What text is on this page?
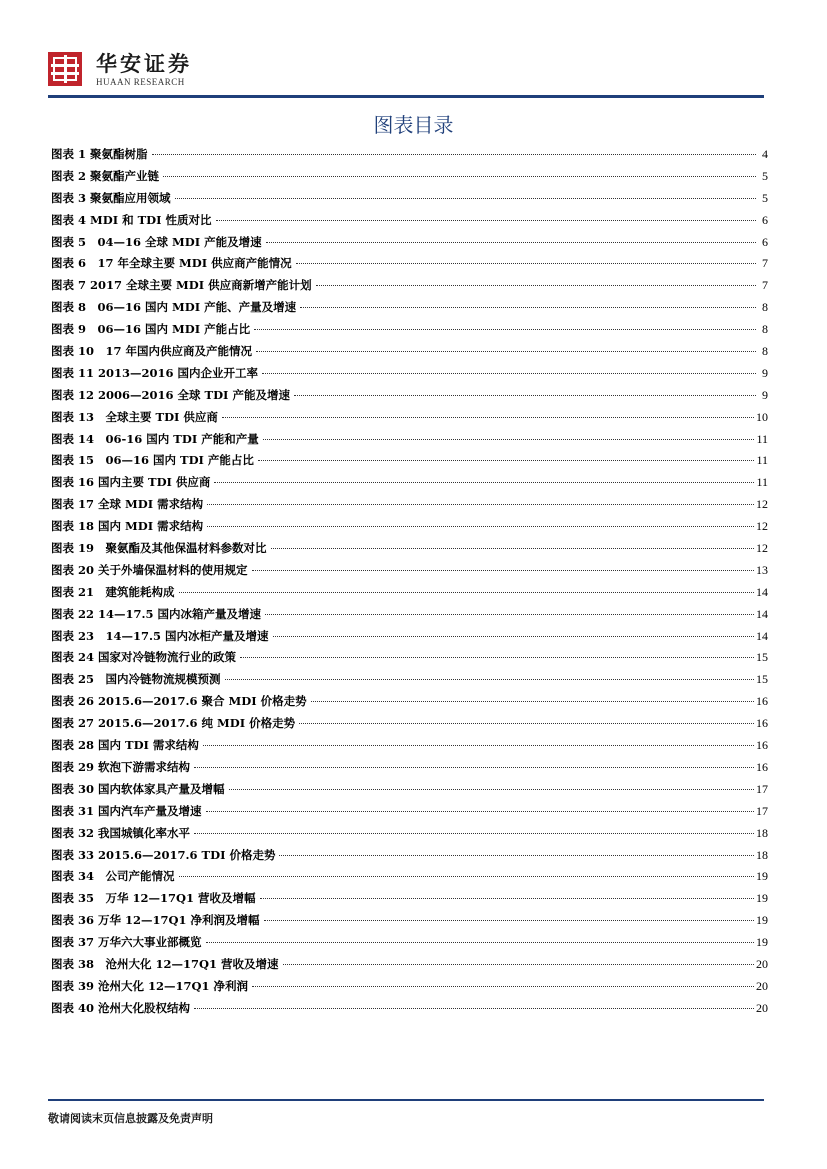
华安证券
HUAAN RESEARCH
图表目录
图表 1 聚氨酯树脂	4
图表 2 聚氨酯产业链	5
图表 3 聚氨酯应用领域	5
图表 4 MDI 和 TDI 性质对比	6
图表 5　04—16 全球 MDI 产能及增速	6
图表 6　17 年全球主要 MDI 供应商产能情况	7
图表 7 2017 全球主要 MDI 供应商新增产能计划	7
图表 8　06—16 国内 MDI 产能、产量及增速	8
图表 9　06—16 国内 MDI 产能占比	8
图表 10　17 年国内供应商及产能情况	8
图表 11 2013—2016 国内企业开工率	9
图表 12 2006—2016 全球 TDI 产能及增速	9
图表 13　全球主要 TDI 供应商	10
图表 14　06-16 国内 TDI 产能和产量	11
图表 15　06—16 国内 TDI 产能占比	11
图表 16 国内主要 TDI 供应商	11
图表 17 全球 MDI 需求结构	12
图表 18 国内 MDI 需求结构	12
图表 19　聚氨酯及其他保温材料参数对比	12
图表 20 关于外墙保温材料的使用规定	13
图表 21　建筑能耗构成	14
图表 22 14—17.5 国内冰箱产量及增速	14
图表 23　14—17.5 国内冰柜产量及增速	14
图表 24 国家对冷链物流行业的政策	15
图表 25　国内冷链物流规模预测	15
图表 26 2015.6—2017.6 聚合 MDI 价格走势	16
图表 27 2015.6—2017.6 纯 MDI 价格走势	16
图表 28 国内 TDI 需求结构	16
图表 29 软泡下游需求结构	16
图表 30 国内软体家具产量及增幅	17
图表 31 国内汽车产量及增速	17
图表 32 我国城镇化率水平	18
图表 33 2015.6—2017.6 TDI 价格走势	18
图表 34　公司产能情况	19
图表 35　万华 12—17Q1 营收及增幅	19
图表 36 万华 12—17Q1 净利润及增幅	19
图表 37 万华六大事业部概览	19
图表 38　沧州大化 12—17Q1 营收及增速	20
图表 39 沧州大化 12—17Q1 净利润	20
图表 40 沧州大化股权结构	20
敬请阅读末页信息披露及免责声明
